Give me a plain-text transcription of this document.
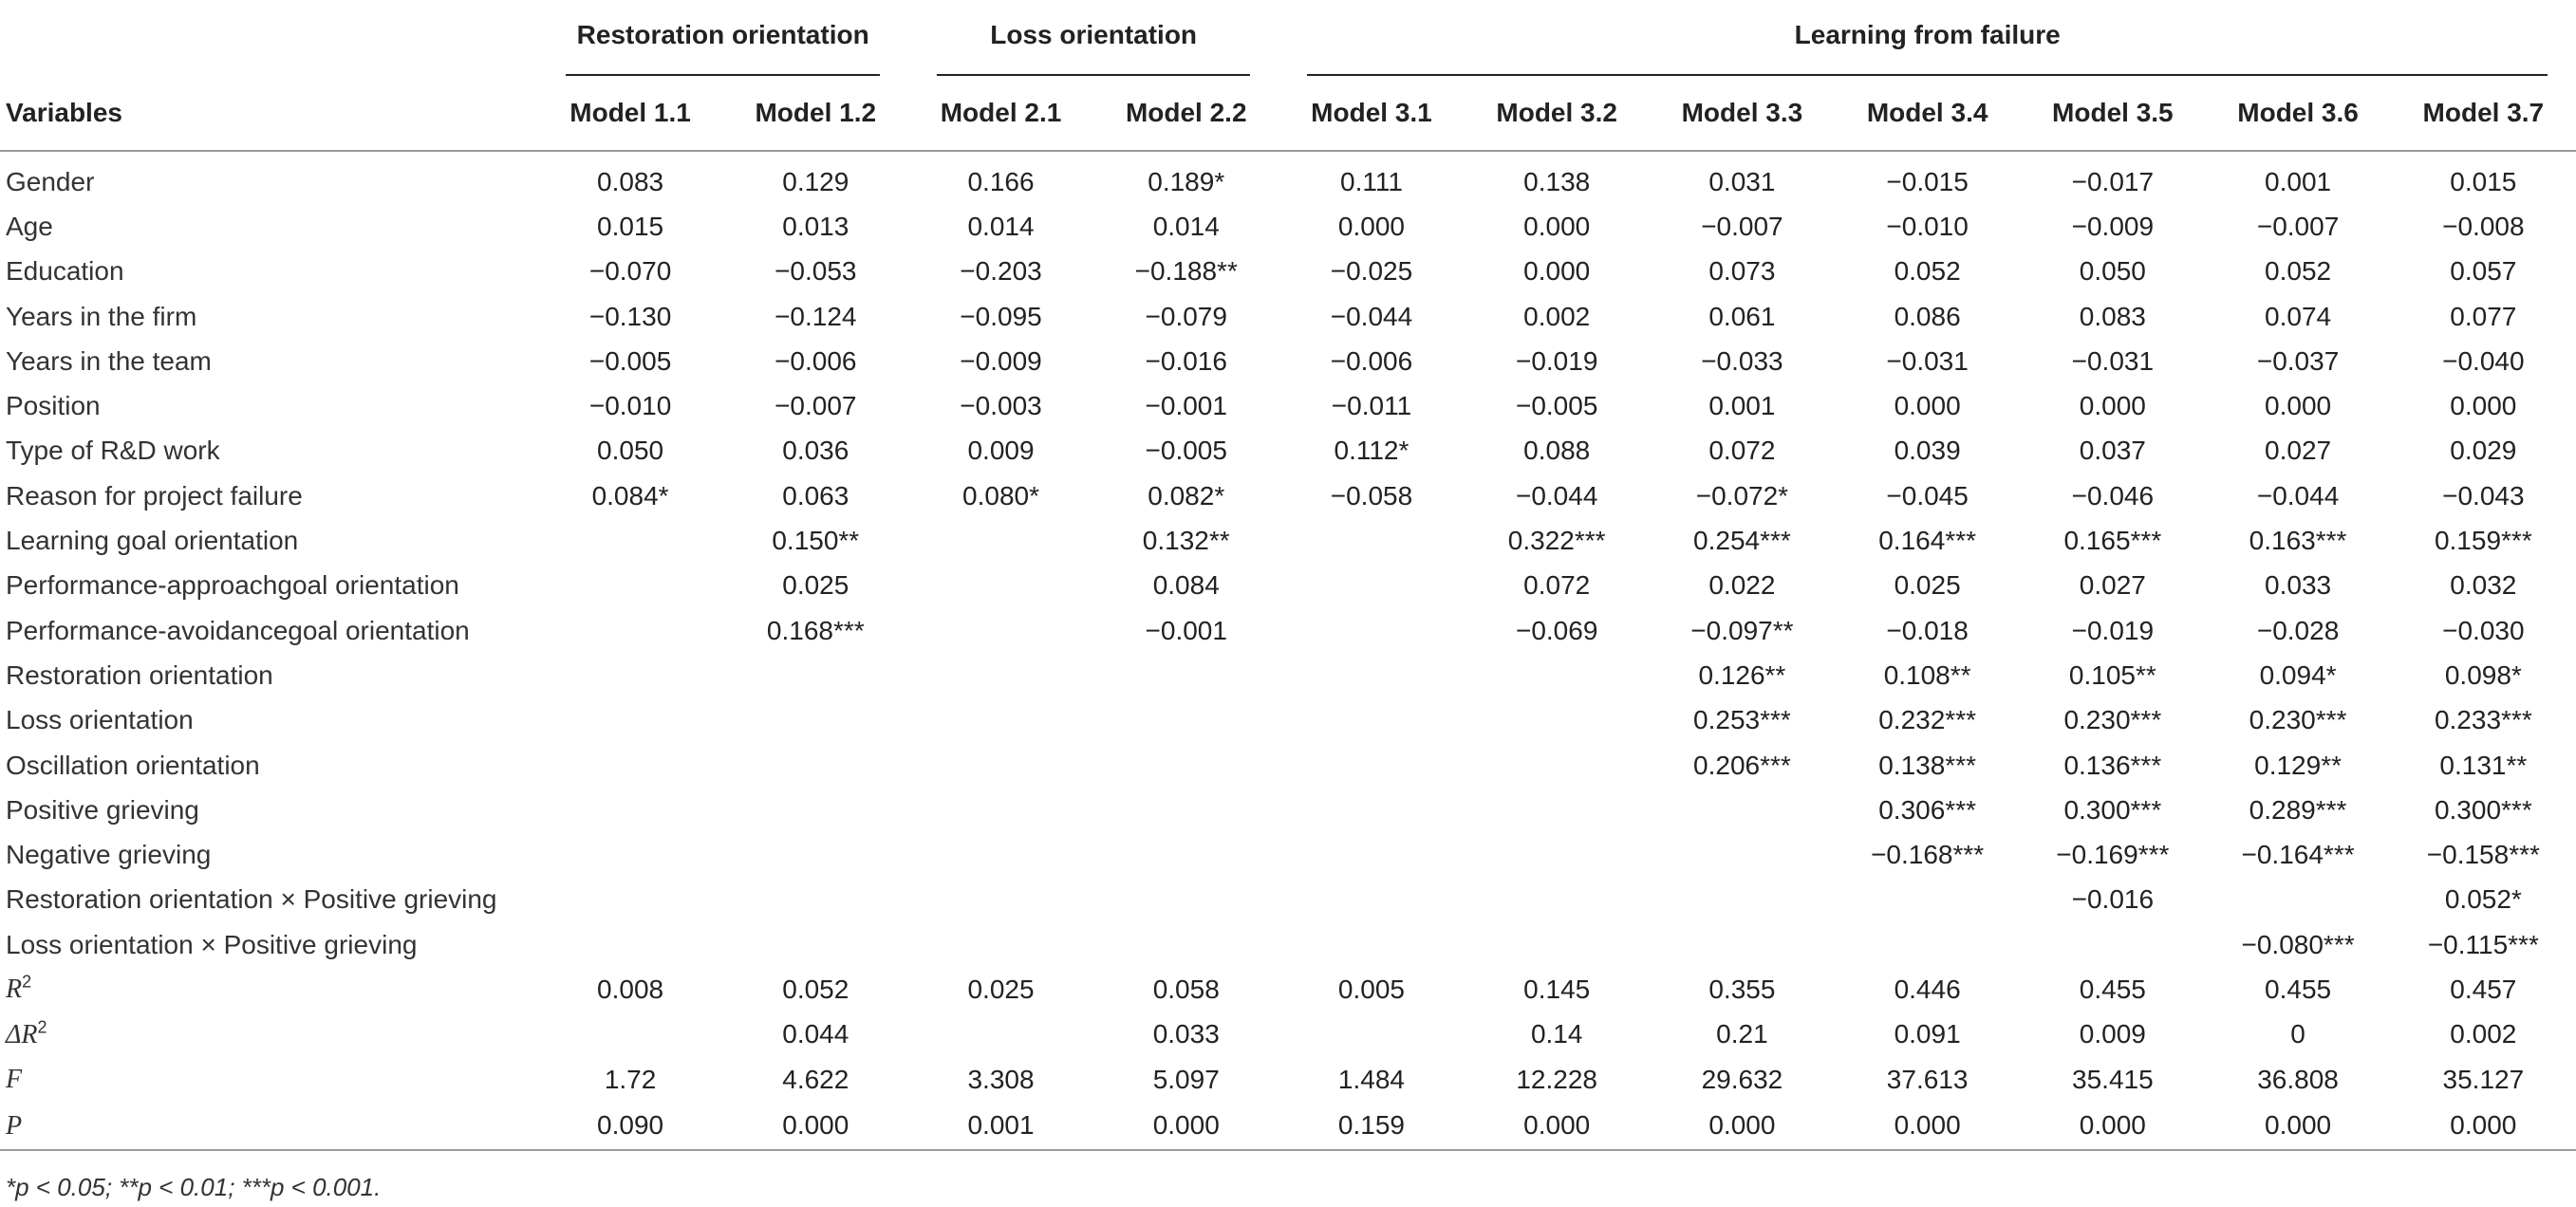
	Restoration orientation		Loss orientation		Learning from failure						

Variables	Model 1.1	Model 1.2	Model 2.1	Model 2.2	Model 3.1	Model 3.2	Model 3.3	Model 3.4	Model 3.5	Model 3.6	Model 3.7
Gender	0.083	0.129	0.166	0.189*	0.111	0.138	0.031	−0.015	−0.017	0.001	0.015
Age	0.015	0.013	0.014	0.014	0.000	0.000	−0.007	−0.010	−0.009	−0.007	−0.008
Education	−0.070	−0.053	−0.203	−0.188**	−0.025	0.000	0.073	0.052	0.050	0.052	0.057
Years in the firm	−0.130	−0.124	−0.095	−0.079	−0.044	0.002	0.061	0.086	0.083	0.074	0.077
Years in the team	−0.005	−0.006	−0.009	−0.016	−0.006	−0.019	−0.033	−0.031	−0.031	−0.037	−0.040
Position	−0.010	−0.007	−0.003	−0.001	−0.011	−0.005	0.001	0.000	0.000	0.000	0.000
Type of R&D work	0.050	0.036	0.009	−0.005	0.112*	0.088	0.072	0.039	0.037	0.027	0.029
Reason for project failure	0.084*	0.063	0.080*	0.082*	−0.058	−0.044	−0.072*	−0.045	−0.046	−0.044	−0.043
Learning goal orientation		0.150**		0.132**		0.322***	0.254***	0.164***	0.165***	0.163***	0.159***
Performance-approachgoal orientation		0.025		0.084		0.072	0.022	0.025	0.027	0.033	0.032
Performance-avoidancegoal orientation		0.168***		−0.001		−0.069	−0.097**	−0.018	−0.019	−0.028	−0.030
Restoration orientation							0.126**	0.108**	0.105**	0.094*	0.098*
Loss orientation							0.253***	0.232***	0.230***	0.230***	0.233***
Oscillation orientation							0.206***	0.138***	0.136***	0.129**	0.131**
Positive grieving								0.306***	0.300***	0.289***	0.300***
Negative grieving								−0.168***	−0.169***	−0.164***	−0.158***
Restoration orientation × Positive grieving									−0.016		0.052*
Loss orientation × Positive grieving										−0.080***	−0.115***
$R^2$	0.008	0.052	0.025	0.058	0.005	0.145	0.355	0.446	0.455	0.455	0.457
$\Delta R^2$		0.044		0.033		0.14	0.21	0.091	0.009	0	0.002
F	1.72	4.622	3.308	5.097	1.484	12.228	29.632	37.613	35.415	36.808	35.127
P	0.090	0.000	0.001	0.000	0.159	0.000	0.000	0.000	0.000	0.000	0.000
*p < 0.05; **p < 0.01; ***p < 0.001.
